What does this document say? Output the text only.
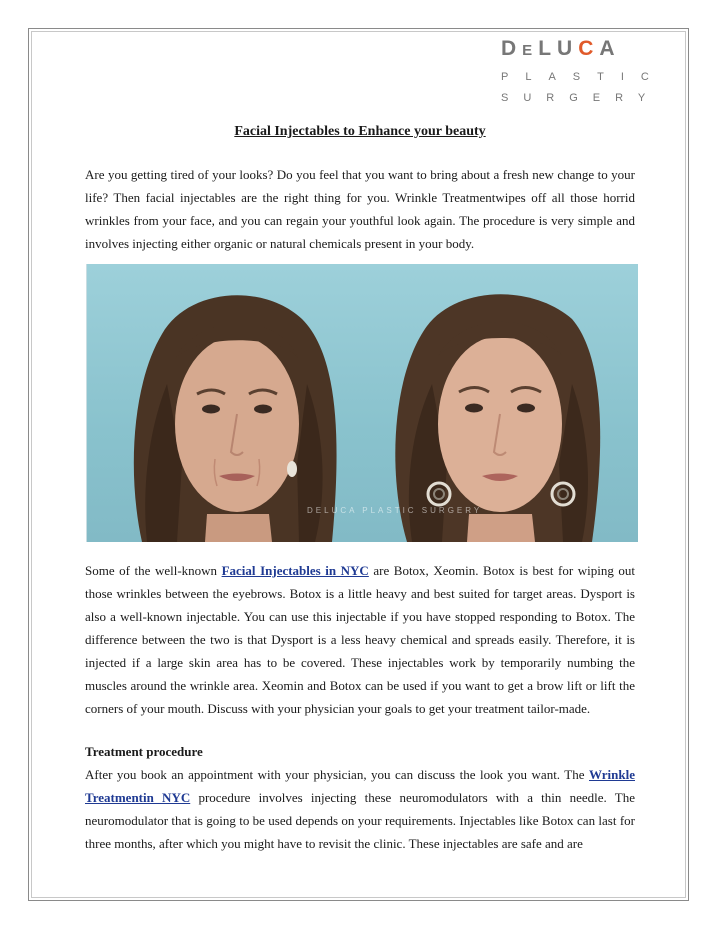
DELUCA
PLASTIC
SURGERY
Facial Injectables to Enhance your beauty

Are you getting tired of your looks? Do you feel that you want to bring about a fresh new change to your life? Then facial injectables are the right thing for you. Wrinkle Treatmentwipes off all those horrid wrinkles from your face, and you can regain your youthful look again. The procedure is very simple and involves injecting either organic or natural chemicals present in your body.

DELUCA PLASTIC SURGERY

Some of the well-known Facial Injectables in NYC are Botox, Xeomin. Botox is best for wiping out those wrinkles between the eyebrows. Botox is a little heavy and best suited for target areas. Dysport is also a well-known injectable. You can use this injectable if you have stopped responding to Botox. The difference between the two is that Dysport is a less heavy chemical and spreads easily. Therefore, it is injected if a large skin area has to be covered. These injectables work by temporarily numbing the muscles around the wrinkle area. Xeomin and Botox can be used if you want to get a brow lift or lift the corners of your mouth. Discuss with your physician your goals to get your treatment tailor-made.

Treatment procedure
After you book an appointment with your physician, you can discuss the look you want. The Wrinkle Treatmentin NYC procedure involves injecting these neuromodulators with a thin needle. The neuromodulator that is going to be used depends on your requirements. Injectables like Botox can last for three months, after which you might have to revisit the clinic. These injectables are safe and are
